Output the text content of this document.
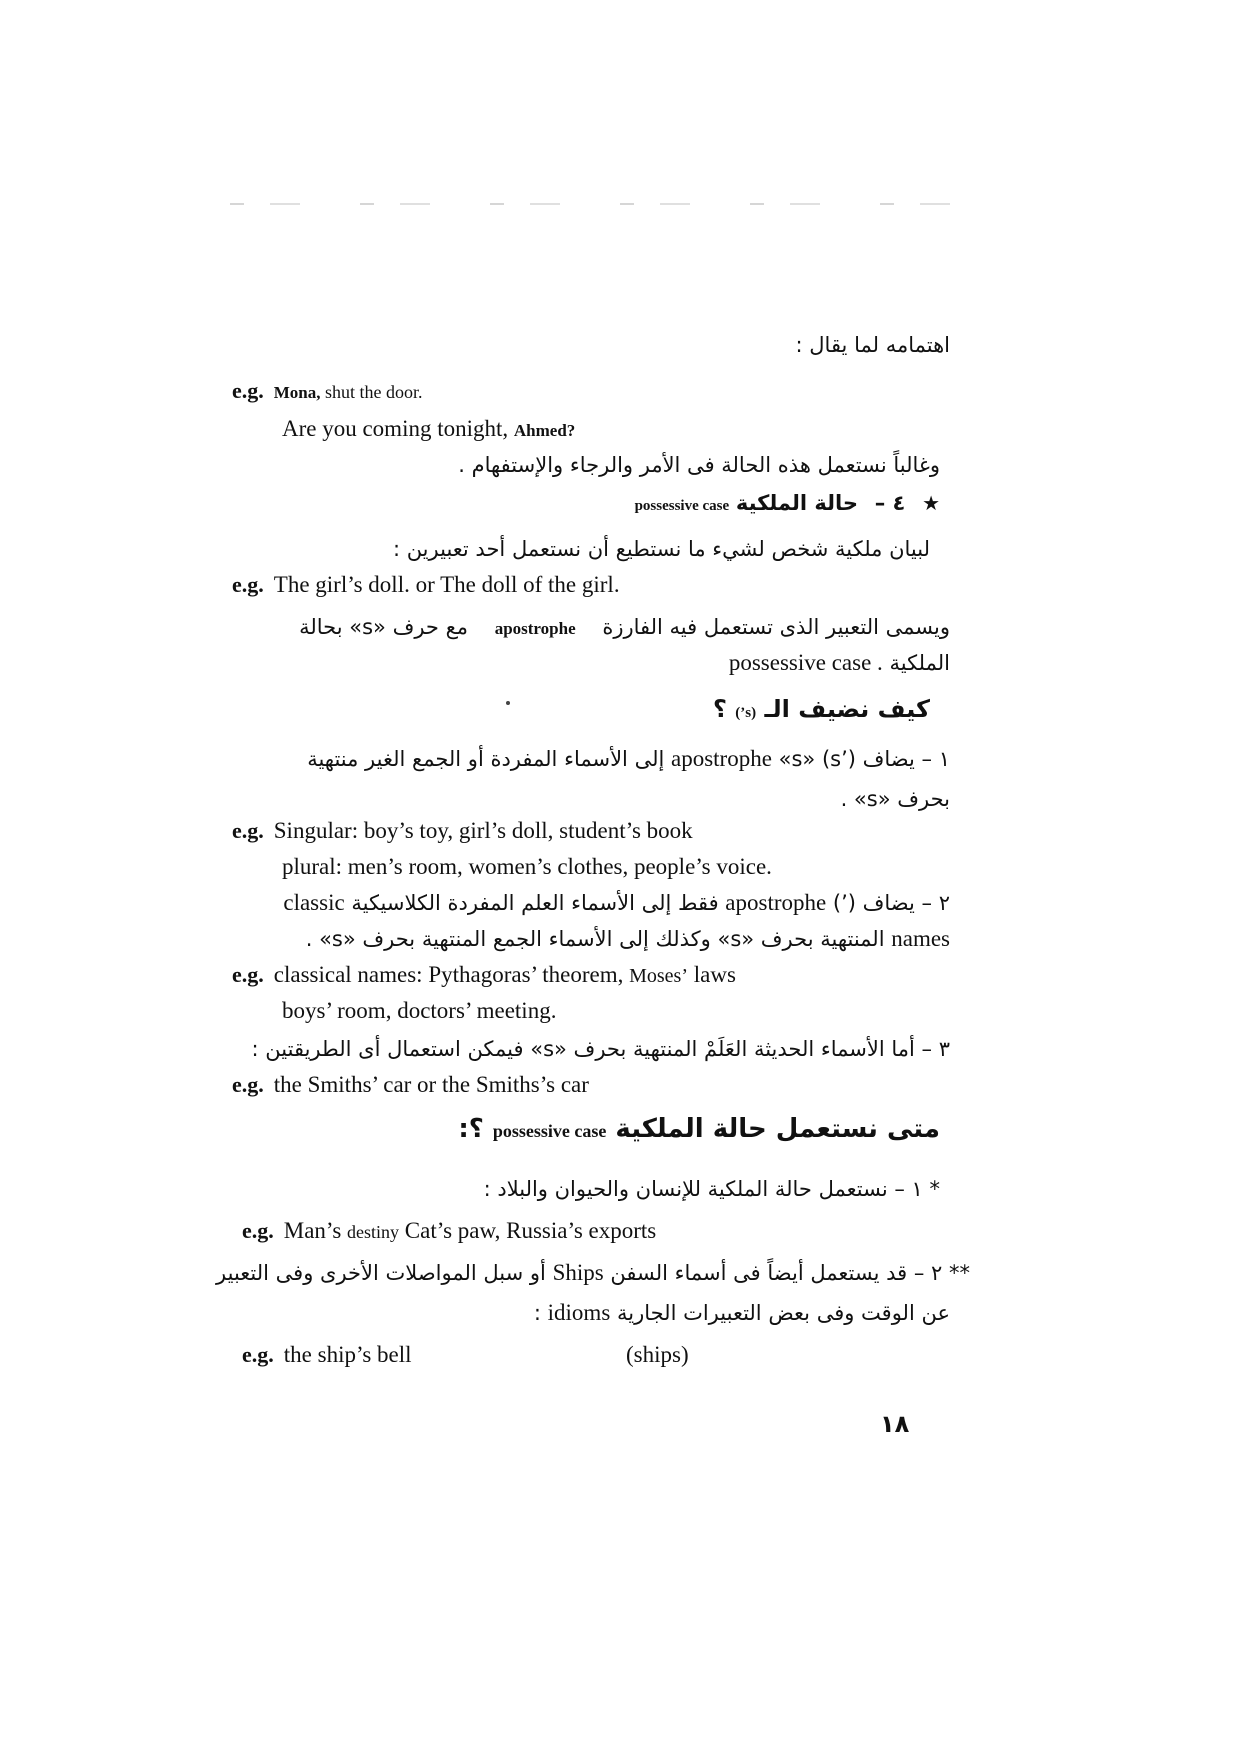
اهتمامه لما يقال :
e.g. Mona, shut the door.
Are you coming tonight, Ahmed?
وغالباً نستعمل هذه الحالة فى الأمر والرجاء والإستفهام .
★ ٤ – حالة الملكية possessive case
لبيان ملكية شخص لشيء ما نستطيع أن نستعمل أحد تعبيرين :
e.g. The girl’s doll. or The doll of the girl.
ويسمى التعبير الذى تستعمل فيه الفارزة apostrophe مع حرف «s» بحالة
الملكية possessive case .
كيف نضيف الـ (’s) ؟
١ – يضاف (’s) «s» apostrophe إلى الأسماء المفردة أو الجمع الغير منتهية
بحرف «s» .
e.g. Singular: boy’s toy, girl’s doll, student’s book
plural: men’s room, women’s clothes, people’s voice.
٢ – يضاف (’) apostrophe فقط إلى الأسماء العلم المفردة الكلاسيكية classic
names المنتهية بحرف «s» وكذلك إلى الأسماء الجمع المنتهية بحرف «s» .
e.g. classical names: Pythagoras’ theorem, Moses’ laws
boys’ room, doctors’ meeting.
٣ – أما الأسماء الحديثة العَلَمْ المنتهية بحرف «s» فيمكن استعمال أى الطريقتين :
e.g. the Smiths’ car or the Smiths’s car
متى نستعمل حالة الملكية possessive case ؟:
* ١ – نستعمل حالة الملكية للإنسان والحيوان والبلاد :
e.g. Man’s destiny Cat’s paw, Russia’s exports
** ٢ – قد يستعمل أيضاً فى أسماء السفن Ships أو سبل المواصلات الأخرى وفى التعبير
عن الوقت وفى بعض التعبيرات الجارية idioms :
e.g. the ship’s bell	(ships)
١٨
